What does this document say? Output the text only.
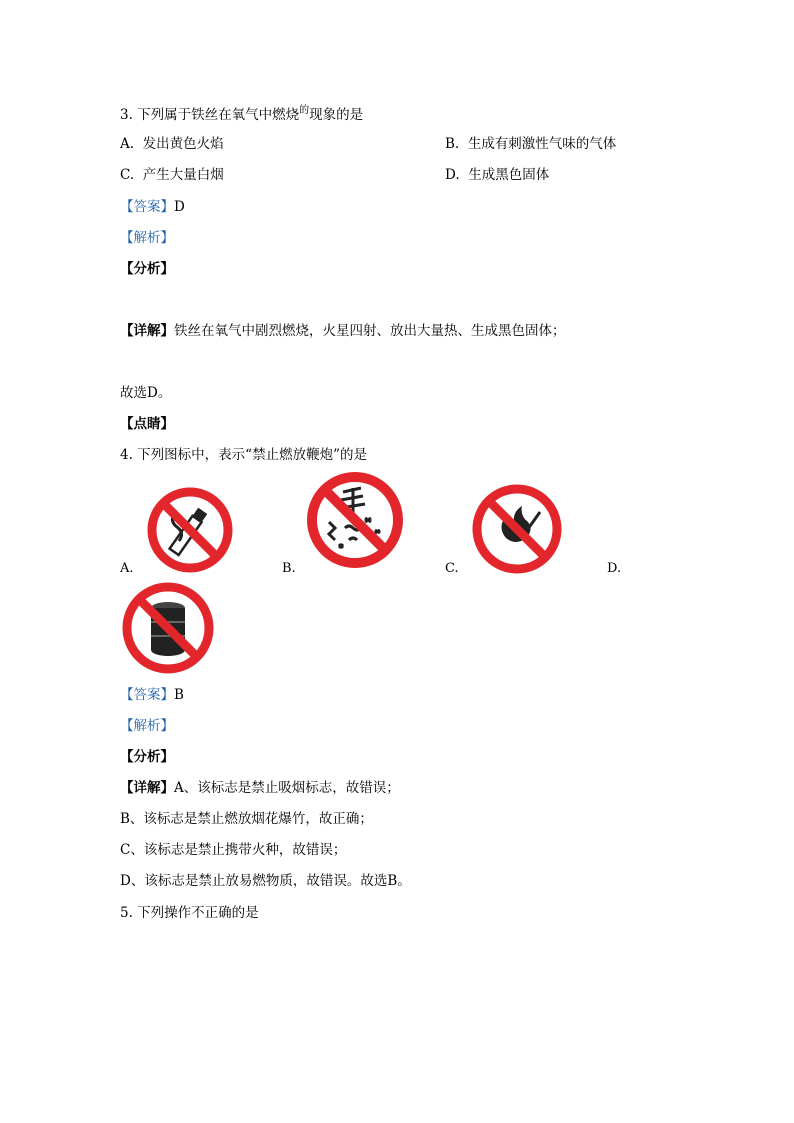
3. 下列属于铁丝在氧气中燃烧$^的$现象的是
A. 发出黄色火焰	B. 生成有刺激性气味的气体
C. 产生大量白烟	D. 生成黑色固体
【答案】D
【解析】
【分析】
【详解】铁丝在氧气中剧烈燃烧，火星四射、放出大量热、生成黑色固体；
故选D。
【点睛】
4. 下列图标中，表示“禁止燃放鞭炮”的是
A.	B.	C.	D.
【答案】B
【解析】
【分析】
【详解】A、该标志是禁止吸烟标志，故错误；
B、该标志是禁止燃放烟花爆竹，故正确；
C、该标志是禁止携带火种，故错误；
D、该标志是禁止放易燃物质，故错误。故选B。
5. 下列操作不正确的是
